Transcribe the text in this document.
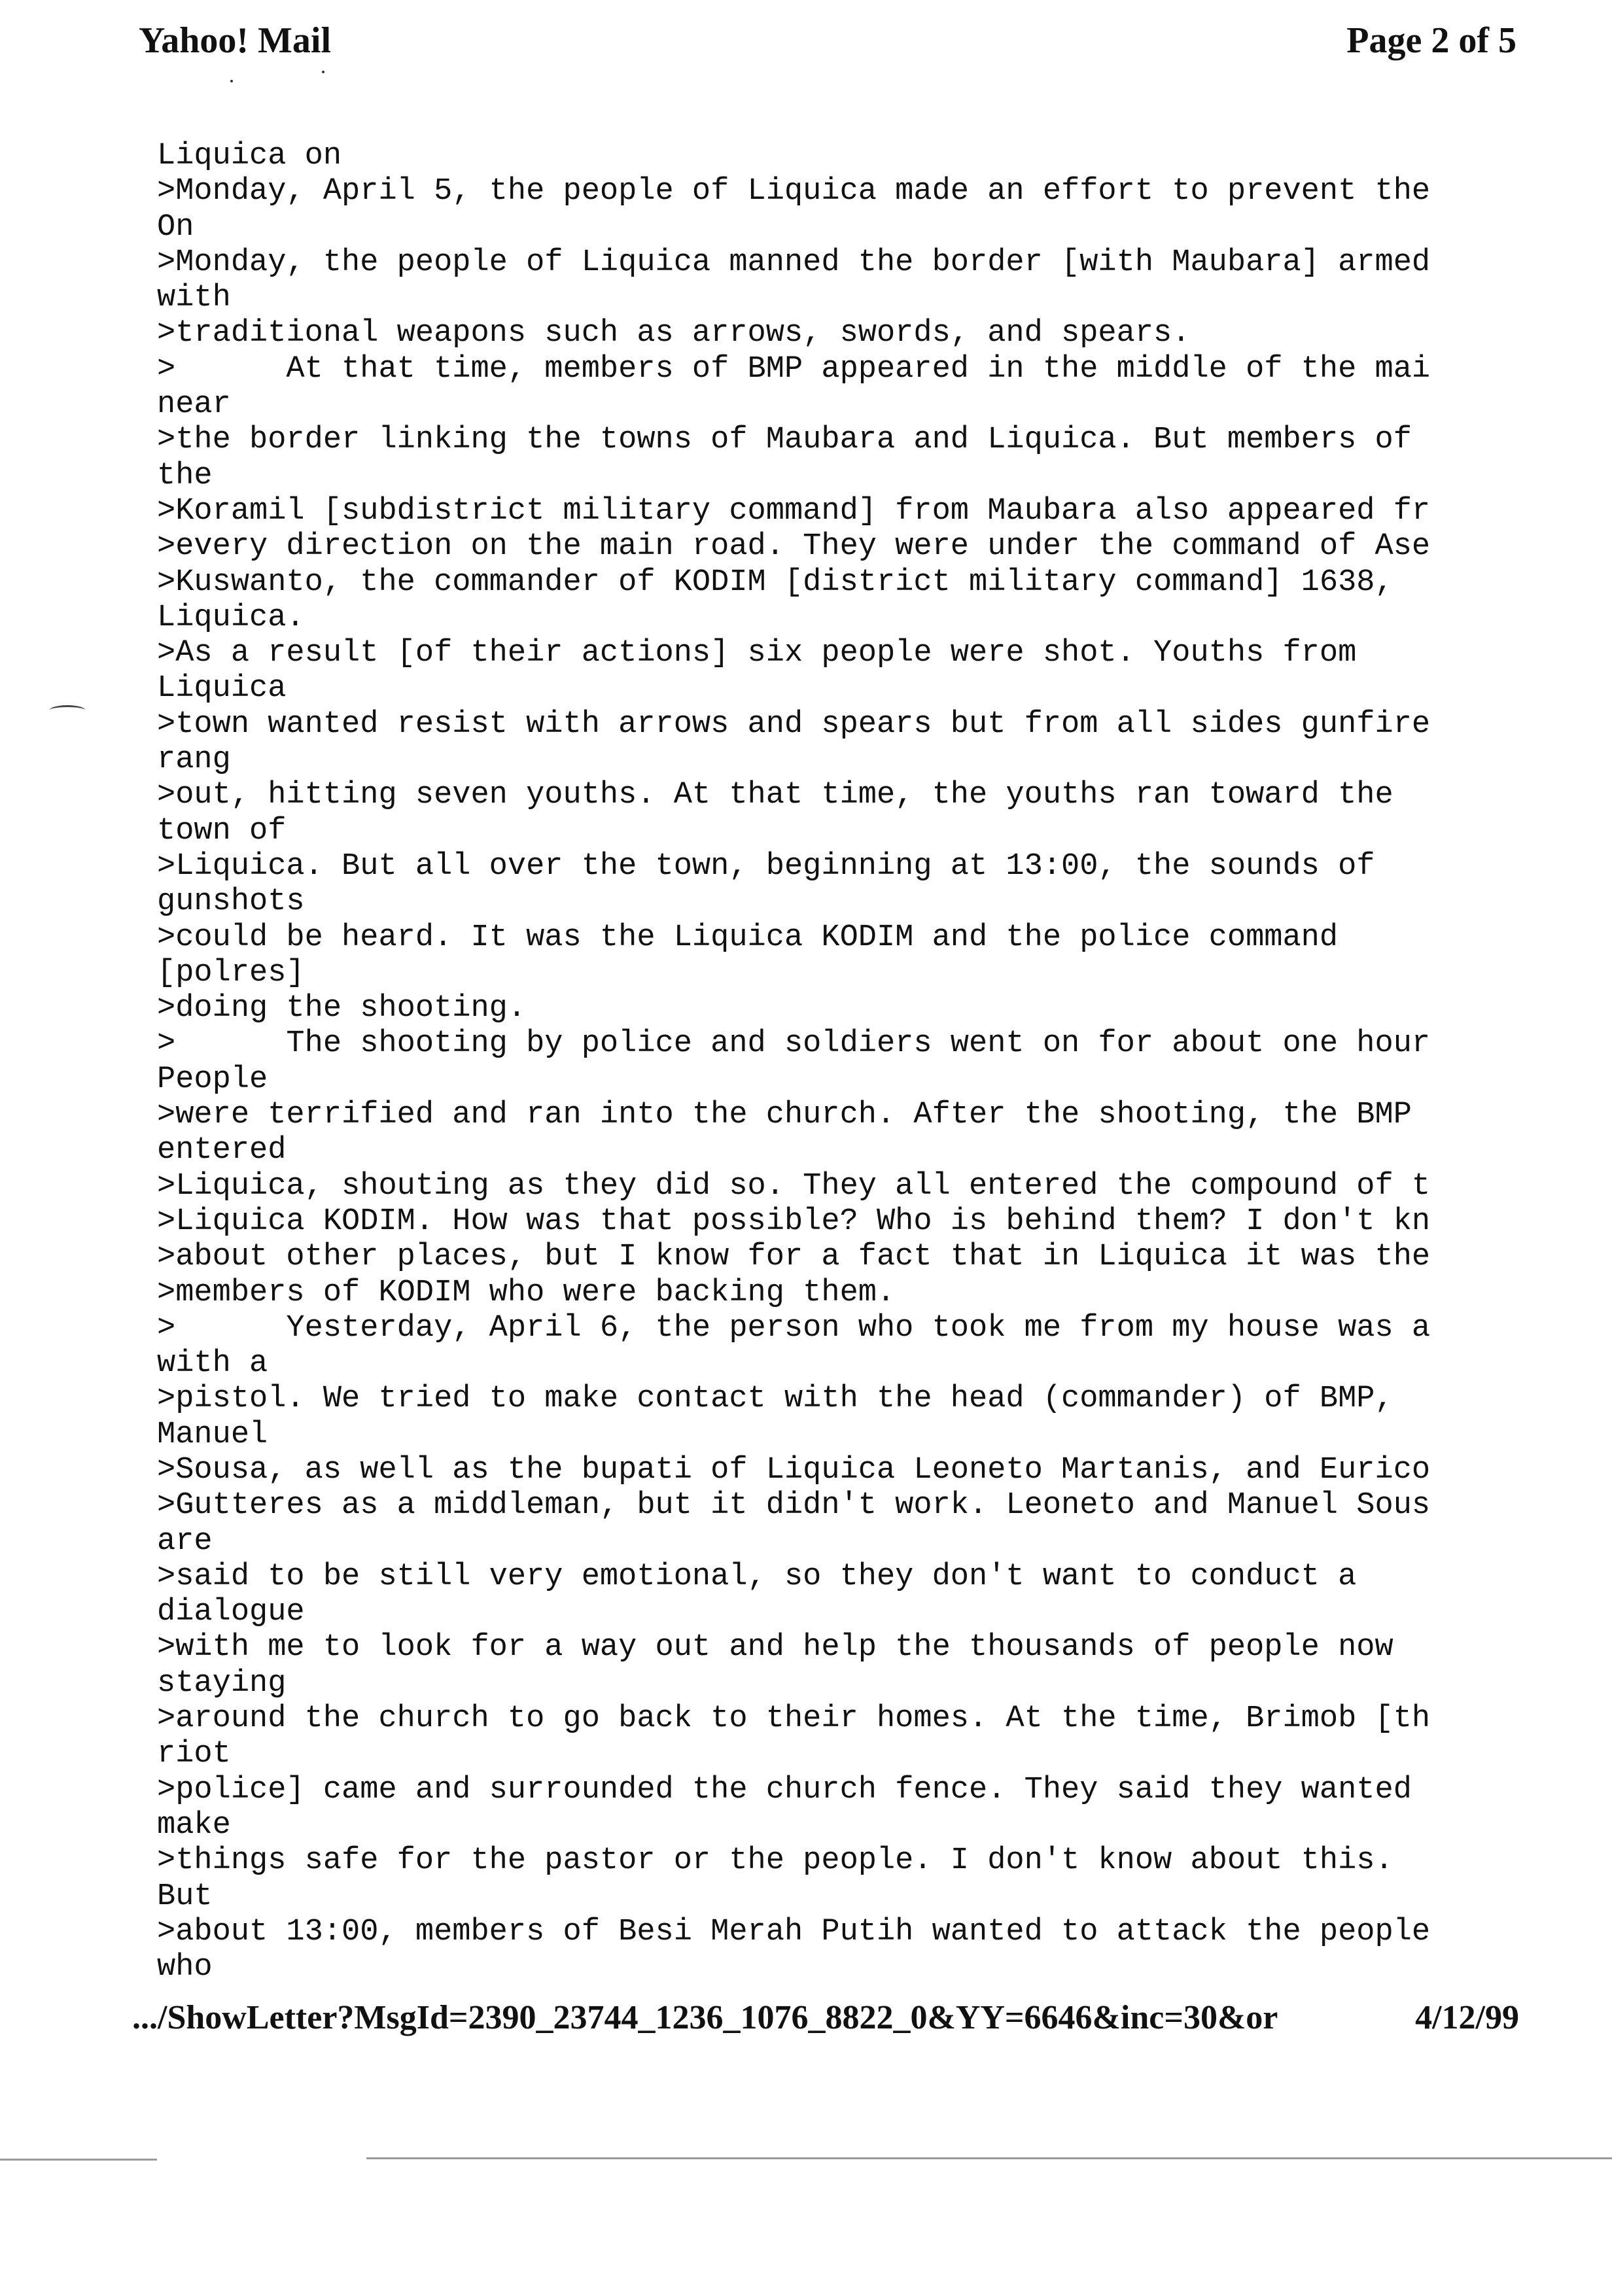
Yahoo! Mail	Page 2 of 5
Liquica on
>Monday, April 5, the people of Liquica made an effort to prevent the
On
>Monday, the people of Liquica manned the border [with Maubara] armed
with
>traditional weapons such as arrows, swords, and spears.
>      At that time, members of BMP appeared in the middle of the mai
near
>the border linking the towns of Maubara and Liquica. But members of
the
>Koramil [subdistrict military command] from Maubara also appeared fr
>every direction on the main road. They were under the command of Ase
>Kuswanto, the commander of KODIM [district military command] 1638,
Liquica.
>As a result [of their actions] six people were shot. Youths from
Liquica
>town wanted resist with arrows and spears but from all sides gunfire
rang
>out, hitting seven youths. At that time, the youths ran toward the
town of
>Liquica. But all over the town, beginning at 13:00, the sounds of
gunshots
>could be heard. It was the Liquica KODIM and the police command
[polres]
>doing the shooting.
>      The shooting by police and soldiers went on for about one hour
People
>were terrified and ran into the church. After the shooting, the BMP
entered
>Liquica, shouting as they did so. They all entered the compound of t
>Liquica KODIM. How was that possible? Who is behind them? I don't kn
>about other places, but I know for a fact that in Liquica it was the
>members of KODIM who were backing them.
>      Yesterday, April 6, the person who took me from my house was a
with a
>pistol. We tried to make contact with the head (commander) of BMP,
Manuel
>Sousa, as well as the bupati of Liquica Leoneto Martanis, and Eurico
>Gutteres as a middleman, but it didn't work. Leoneto and Manuel Sous
are
>said to be still very emotional, so they don't want to conduct a
dialogue
>with me to look for a way out and help the thousands of people now
staying
>around the church to go back to their homes. At the time, Brimob [th
riot
>police] came and surrounded the church fence. They said they wanted
make
>things safe for the pastor or the people. I don't know about this.
But
>about 13:00, members of Besi Merah Putih wanted to attack the people
who
.../ShowLetter?MsgId=2390_23744_1236_1076_8822_0&YY=6646&inc=30&or	4/12/99
